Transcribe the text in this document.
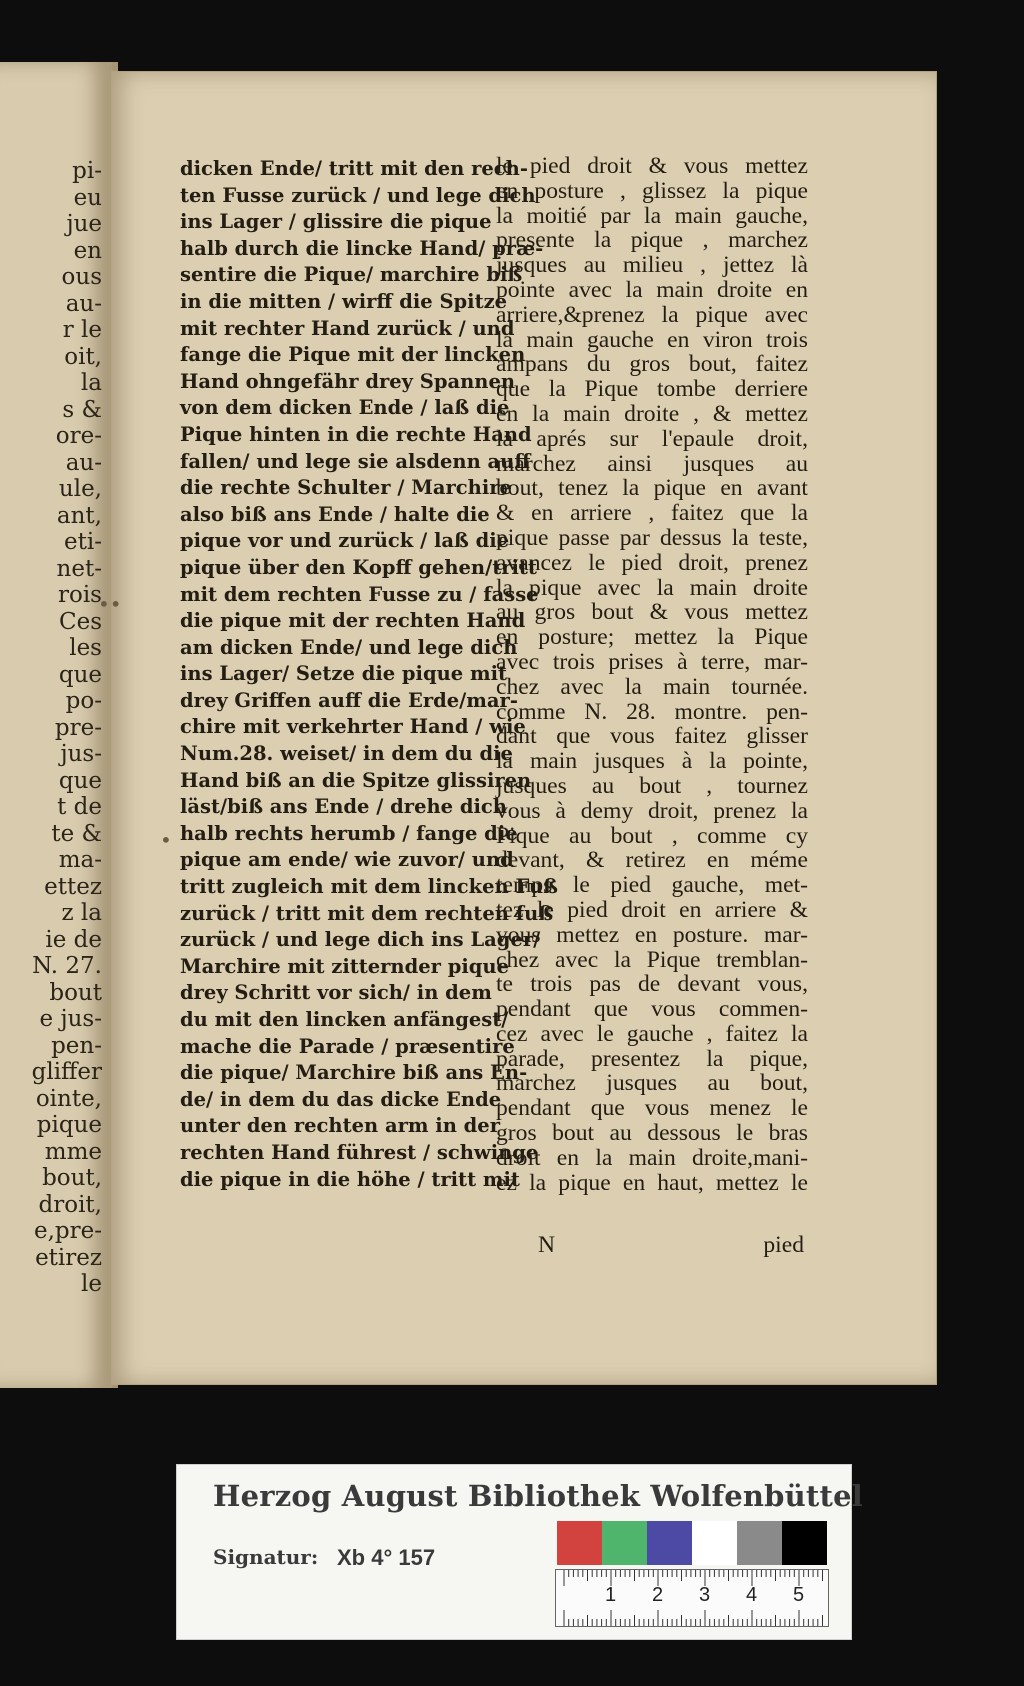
pi-
eu
jue
en
ous
au-
r le
oit,
la
s &
ore-
au-
ule,
ant,
eti-
net-
rois
Ces
les
que
po-
pre-
jus-
que
t de
te &
ma-
ettez
z la
ie de
N. 27.
bout
e jus-
pen-
gliffer
ointe,
pique
mme
bout,
droit,
e,pre-
etirez
le
••
•
dicken Ende/ tritt mit den rech-
ten Fusse zurück / und lege dich
ins Lager / glissire die pique
halb durch die lincke Hand/ præ-
sentire die Pique/ marchire biß
in die mitten / wirff die Spitze
mit rechter Hand zurück / und
fange die Pique mit der lincken
Hand ohngefähr drey Spannen
von dem dicken Ende / laß die
Pique hinten in die rechte Hand
fallen/ und lege sie alsdenn auff
die rechte Schulter / Marchire
also biß ans Ende / halte die
pique vor und zurück / laß die
pique über den Kopff gehen/tritt
mit dem rechten Fusse zu / fasse
die pique mit der rechten Hand
am dicken Ende/ und lege dich
ins Lager/ Setze die pique mit
drey Griffen auff die Erde/mar-
chire mit verkehrter Hand / wie
Num.28. weiset/ in dem du die
Hand biß an die Spitze glissiren
läst/biß ans Ende / drehe dich
halb rechts herumb / fange die
pique am ende/ wie zuvor/ und
tritt zugleich mit dem lincken Fuß
zurück / tritt mit dem rechten fuß
zurück / und lege dich ins Lager/
Marchire mit zitternder pique
drey Schritt vor sich/ in dem
du mit den lincken anfängest/
mache die Parade / præsentire
die pique/ Marchire biß ans En-
de/ in dem du das dicke Ende
unter den rechten arm in der
rechten Hand führest / schwinge
die pique in die höhe / tritt mit
le pied droit & vous mettez
en posture , glissez la pique
la moitié par la main gauche,
presente la pique , marchez
jusques au milieu , jettez là
pointe avec la main droite en
arriere,&prenez la pique avec
la main gauche en viron trois
ampans du gros bout, faitez
que la Pique tombe derriere
en la main droite , & mettez
la aprés sur l'epaule droit,
marchez ainsi jusques au
bout, tenez la pique en avant
& en arriere , faitez que la
pique passe par dessus la teste,
avancez le pied droit, prenez
la pique avec la main droite
au gros bout & vous mettez
en posture; mettez la Pique
avec trois prises à terre, mar-
chez avec la main tournée.
comme N. 28. montre. pen-
dant que vous faitez glisser
la main jusques à la pointe,
jusques au bout , tournez
vous à demy droit, prenez la
Pique au bout , comme cy
devant, & retirez en méme
temps le pied gauche, met-
tez le pied droit en arriere &
vous mettez en posture. mar-
chez avec la Pique tremblan-
te trois pas de devant vous,
pendant que vous commen-
cez avec le gauche , faitez la
parade, presentez la pique,
marchez jusques au bout,
pendant que vous menez le
gros bout au dessous le bras
droit en la main droite,mani-
ez la pique en haut, mettez le
N	pied
Herzog August Bibliothek Wolfenbüttel
Signatur: Xb 4° 157
1 2 3 4 5
